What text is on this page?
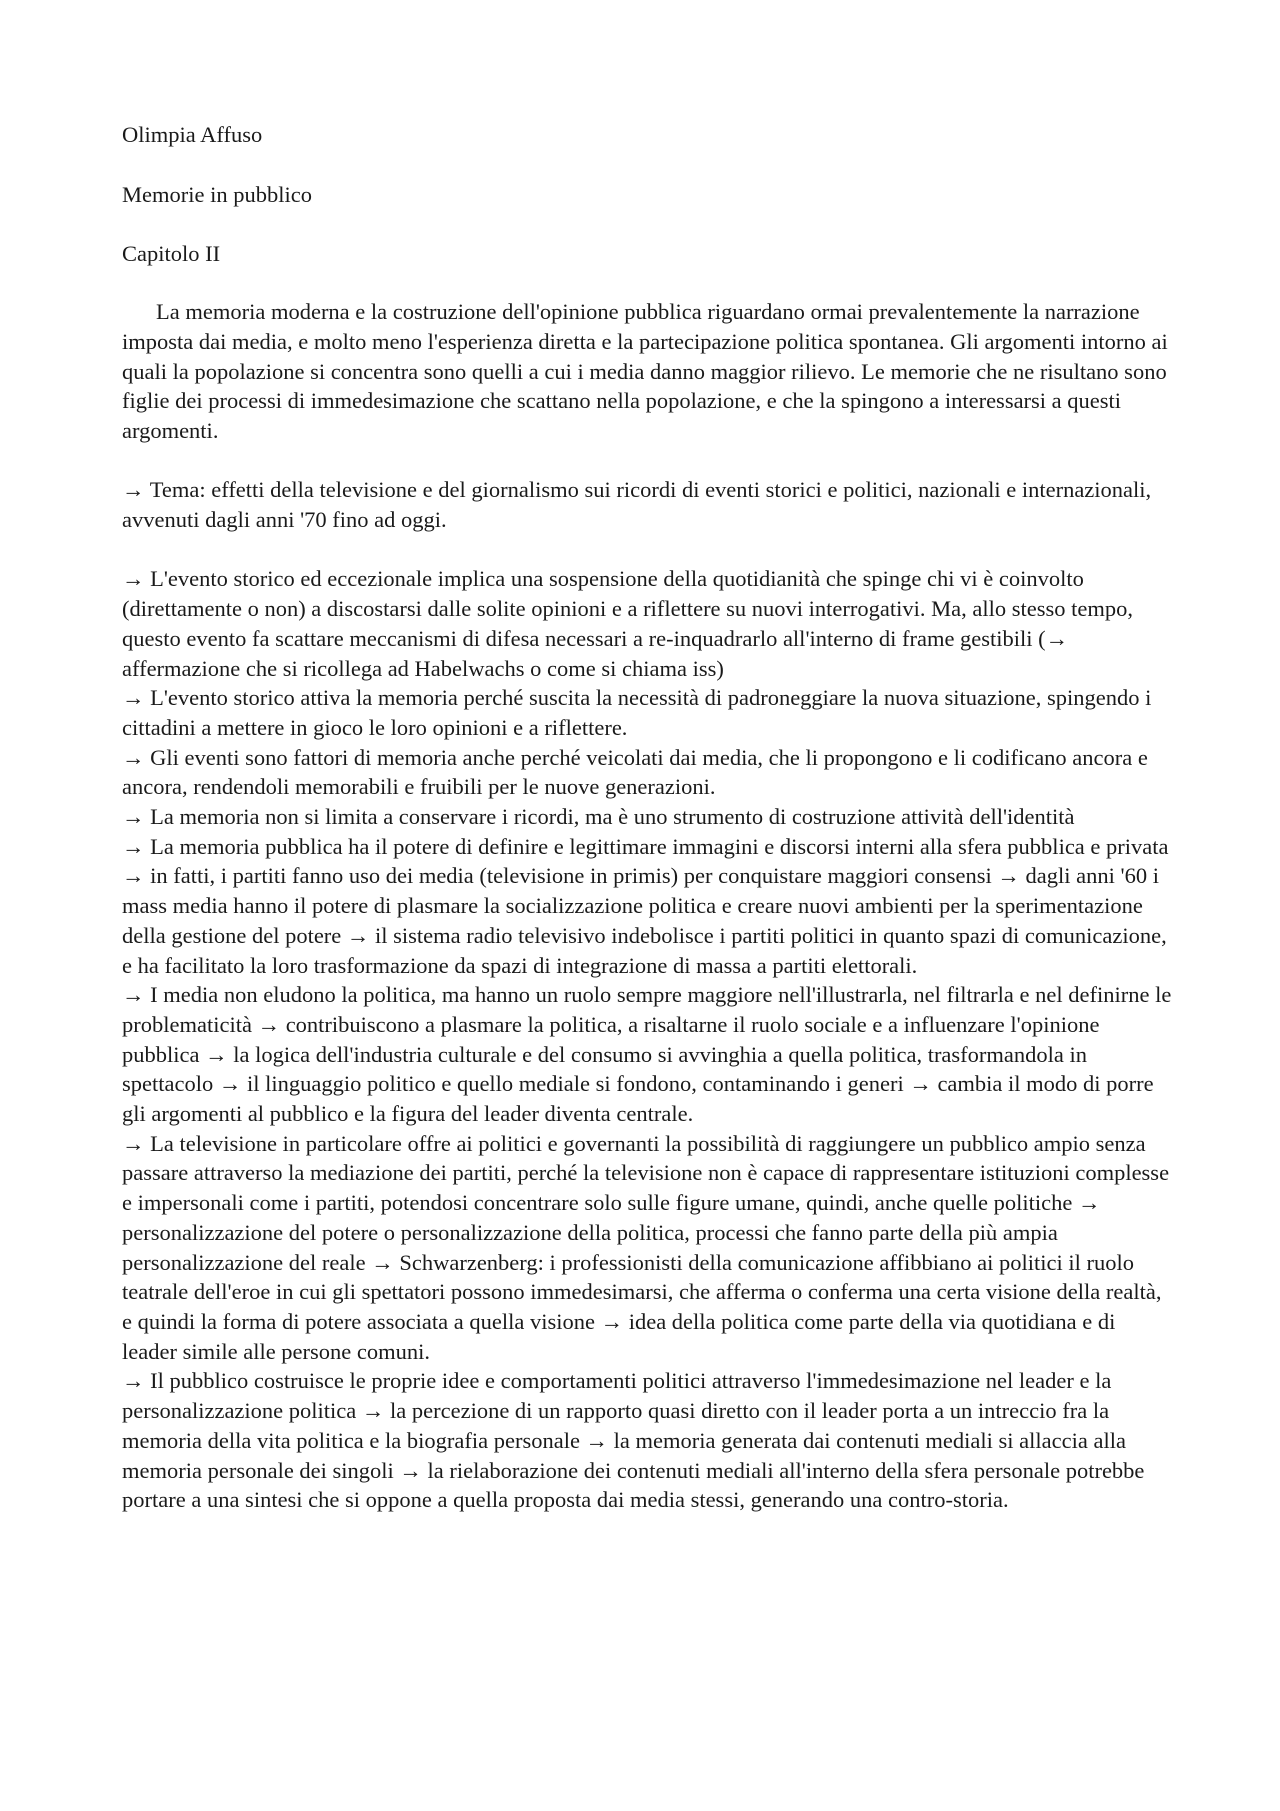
Olimpia Affuso

Memorie in pubblico

Capitolo II

La memoria moderna e la costruzione dell'opinione pubblica riguardano ormai prevalentemente la narrazione imposta dai media, e molto meno l'esperienza diretta e la partecipazione politica spontanea. Gli argomenti intorno ai quali la popolazione si concentra sono quelli a cui i media danno maggior rilievo. Le memorie che ne risultano sono figlie dei processi di immedesimazione che scattano nella popolazione, e che la spingono a interessarsi a questi argomenti.

→ Tema: effetti della televisione e del giornalismo sui ricordi di eventi storici e politici, nazionali e internazionali, avvenuti dagli anni '70 fino ad oggi.

→ L'evento storico ed eccezionale implica una sospensione della quotidianità che spinge chi vi è coinvolto (direttamente o non) a discostarsi dalle solite opinioni e a riflettere su nuovi interrogativi. Ma, allo stesso tempo, questo evento fa scattare meccanismi di difesa necessari a re-inquadrarlo all'interno di frame gestibili (→ affermazione che si ricollega ad Habelwachs o come si chiama iss)

→ L'evento storico attiva la memoria perché suscita la necessità di padroneggiare la nuova situazione, spingendo i cittadini a mettere in gioco le loro opinioni e a riflettere.

→ Gli eventi sono fattori di memoria anche perché veicolati dai media, che li propongono e li codificano ancora e ancora, rendendoli memorabili e fruibili per le nuove generazioni.

→ La memoria non si limita a conservare i ricordi, ma è uno strumento di costruzione attività dell'identità

→ La memoria pubblica ha il potere di definire e legittimare immagini e discorsi interni alla sfera pubblica e privata → in fatti, i partiti fanno uso dei media (televisione in primis) per conquistare maggiori consensi → dagli anni '60 i mass media hanno il potere di plasmare la socializzazione politica e creare nuovi ambienti per la sperimentazione della gestione del potere → il sistema radio televisivo indebolisce i partiti politici in quanto spazi di comunicazione, e ha facilitato la loro trasformazione da spazi di integrazione di massa a partiti elettorali.

→ I media non eludono la politica, ma hanno un ruolo sempre maggiore nell'illustrarla, nel filtrarla e nel definirne le problematicità → contribuiscono a plasmare la politica, a risaltarne il ruolo sociale e a influenzare l'opinione pubblica → la logica dell'industria culturale e del consumo si avvinghia a quella politica, trasformandola in spettacolo → il linguaggio politico e quello mediale si fondono, contaminando i generi → cambia il modo di porre gli argomenti al pubblico e la figura del leader diventa centrale.

→ La televisione in particolare offre ai politici e governanti la possibilità di raggiungere un pubblico ampio senza passare attraverso la mediazione dei partiti, perché la televisione non è capace di rappresentare istituzioni complesse e impersonali come i partiti, potendosi concentrare solo sulle figure umane, quindi, anche quelle politiche → personalizzazione del potere o personalizzazione della politica, processi che fanno parte della più ampia personalizzazione del reale → Schwarzenberg: i professionisti della comunicazione affibbiano ai politici il ruolo teatrale dell'eroe in cui gli spettatori possono immedesimarsi, che afferma o conferma una certa visione della realtà, e quindi la forma di potere associata a quella visione → idea della politica come parte della via quotidiana e di leader simile alle persone comuni.

→ Il pubblico costruisce le proprie idee e comportamenti politici attraverso l'immedesimazione nel leader e la personalizzazione politica → la percezione di un rapporto quasi diretto con il leader porta a un intreccio fra la memoria della vita politica e la biografia personale → la memoria generata dai contenuti mediali si allaccia alla memoria personale dei singoli → la rielaborazione dei contenuti mediali all'interno della sfera personale potrebbe portare a una sintesi che si oppone a quella proposta dai media stessi, generando una contro-storia.
